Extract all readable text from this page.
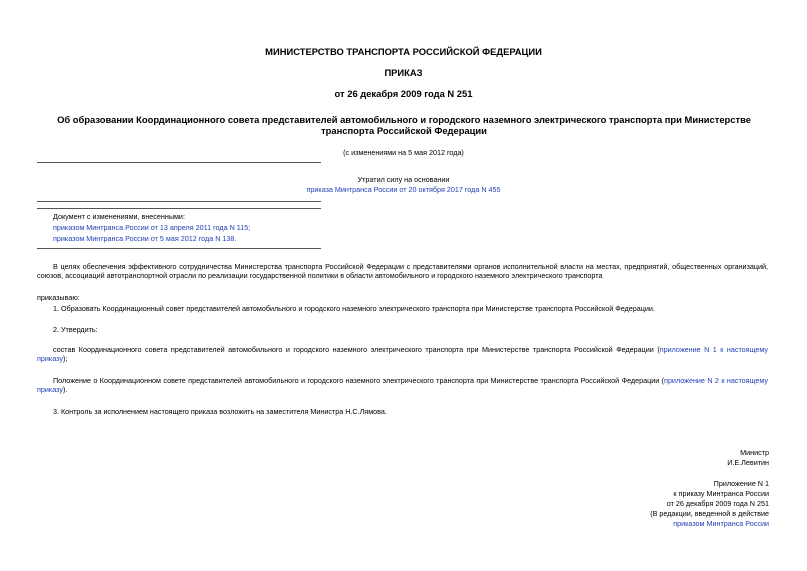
МИНИСТЕРСТВО ТРАНСПОРТА РОССИЙСКОЙ ФЕДЕРАЦИИ
ПРИКАЗ
от 26 декабря 2009 года N 251
Об образовании Координационного совета представителей автомобильного и городского наземного электрического транспорта при Министерстве транспорта Российской Федерации
(с изменениями на 5 мая 2012 года)
Утратил силу на основании
приказа Минтранса России от 20 октября 2017 года N 455
Документ с изменениями, внесенными:
приказом Минтранса России от 13 апреля 2011 года N 115;
приказом Минтранса России от 5 мая 2012 года N 138.
В целях обеспечения эффективного сотрудничества Министерства транспорта Российской Федерации с представителями органов исполнительной власти на местах, предприятий, общественных организаций, союзов, ассоциаций автотранспортной отрасли по реализации государственной политики в области автомобильного и городского наземного электрического транспорта
приказываю:
1. Образовать Координационный совет представителей автомобильного и городского наземного электрического транспорта при Министерстве транспорта Российской Федерации.
2. Утвердить:
состав Координационного совета представителей автомобильного и городского наземного электрического транспорта при Министерстве транспорта Российской Федерации (приложение N 1 к настоящему приказу);
Положение о Координационном совете представителей автомобильного и городского наземного электрического транспорта при Министерстве транспорта Российской Федерации (приложение N 2 к настоящему приказу).
3. Контроль за исполнением настоящего приказа возложить на заместителя Министра Н.С.Лямова.
Министр
И.Е.Левитин
Приложение N 1
к приказу Минтранса России
от 26 декабря 2009 года N 251
(В редакции, введенной в действие
приказом Минтранса России
